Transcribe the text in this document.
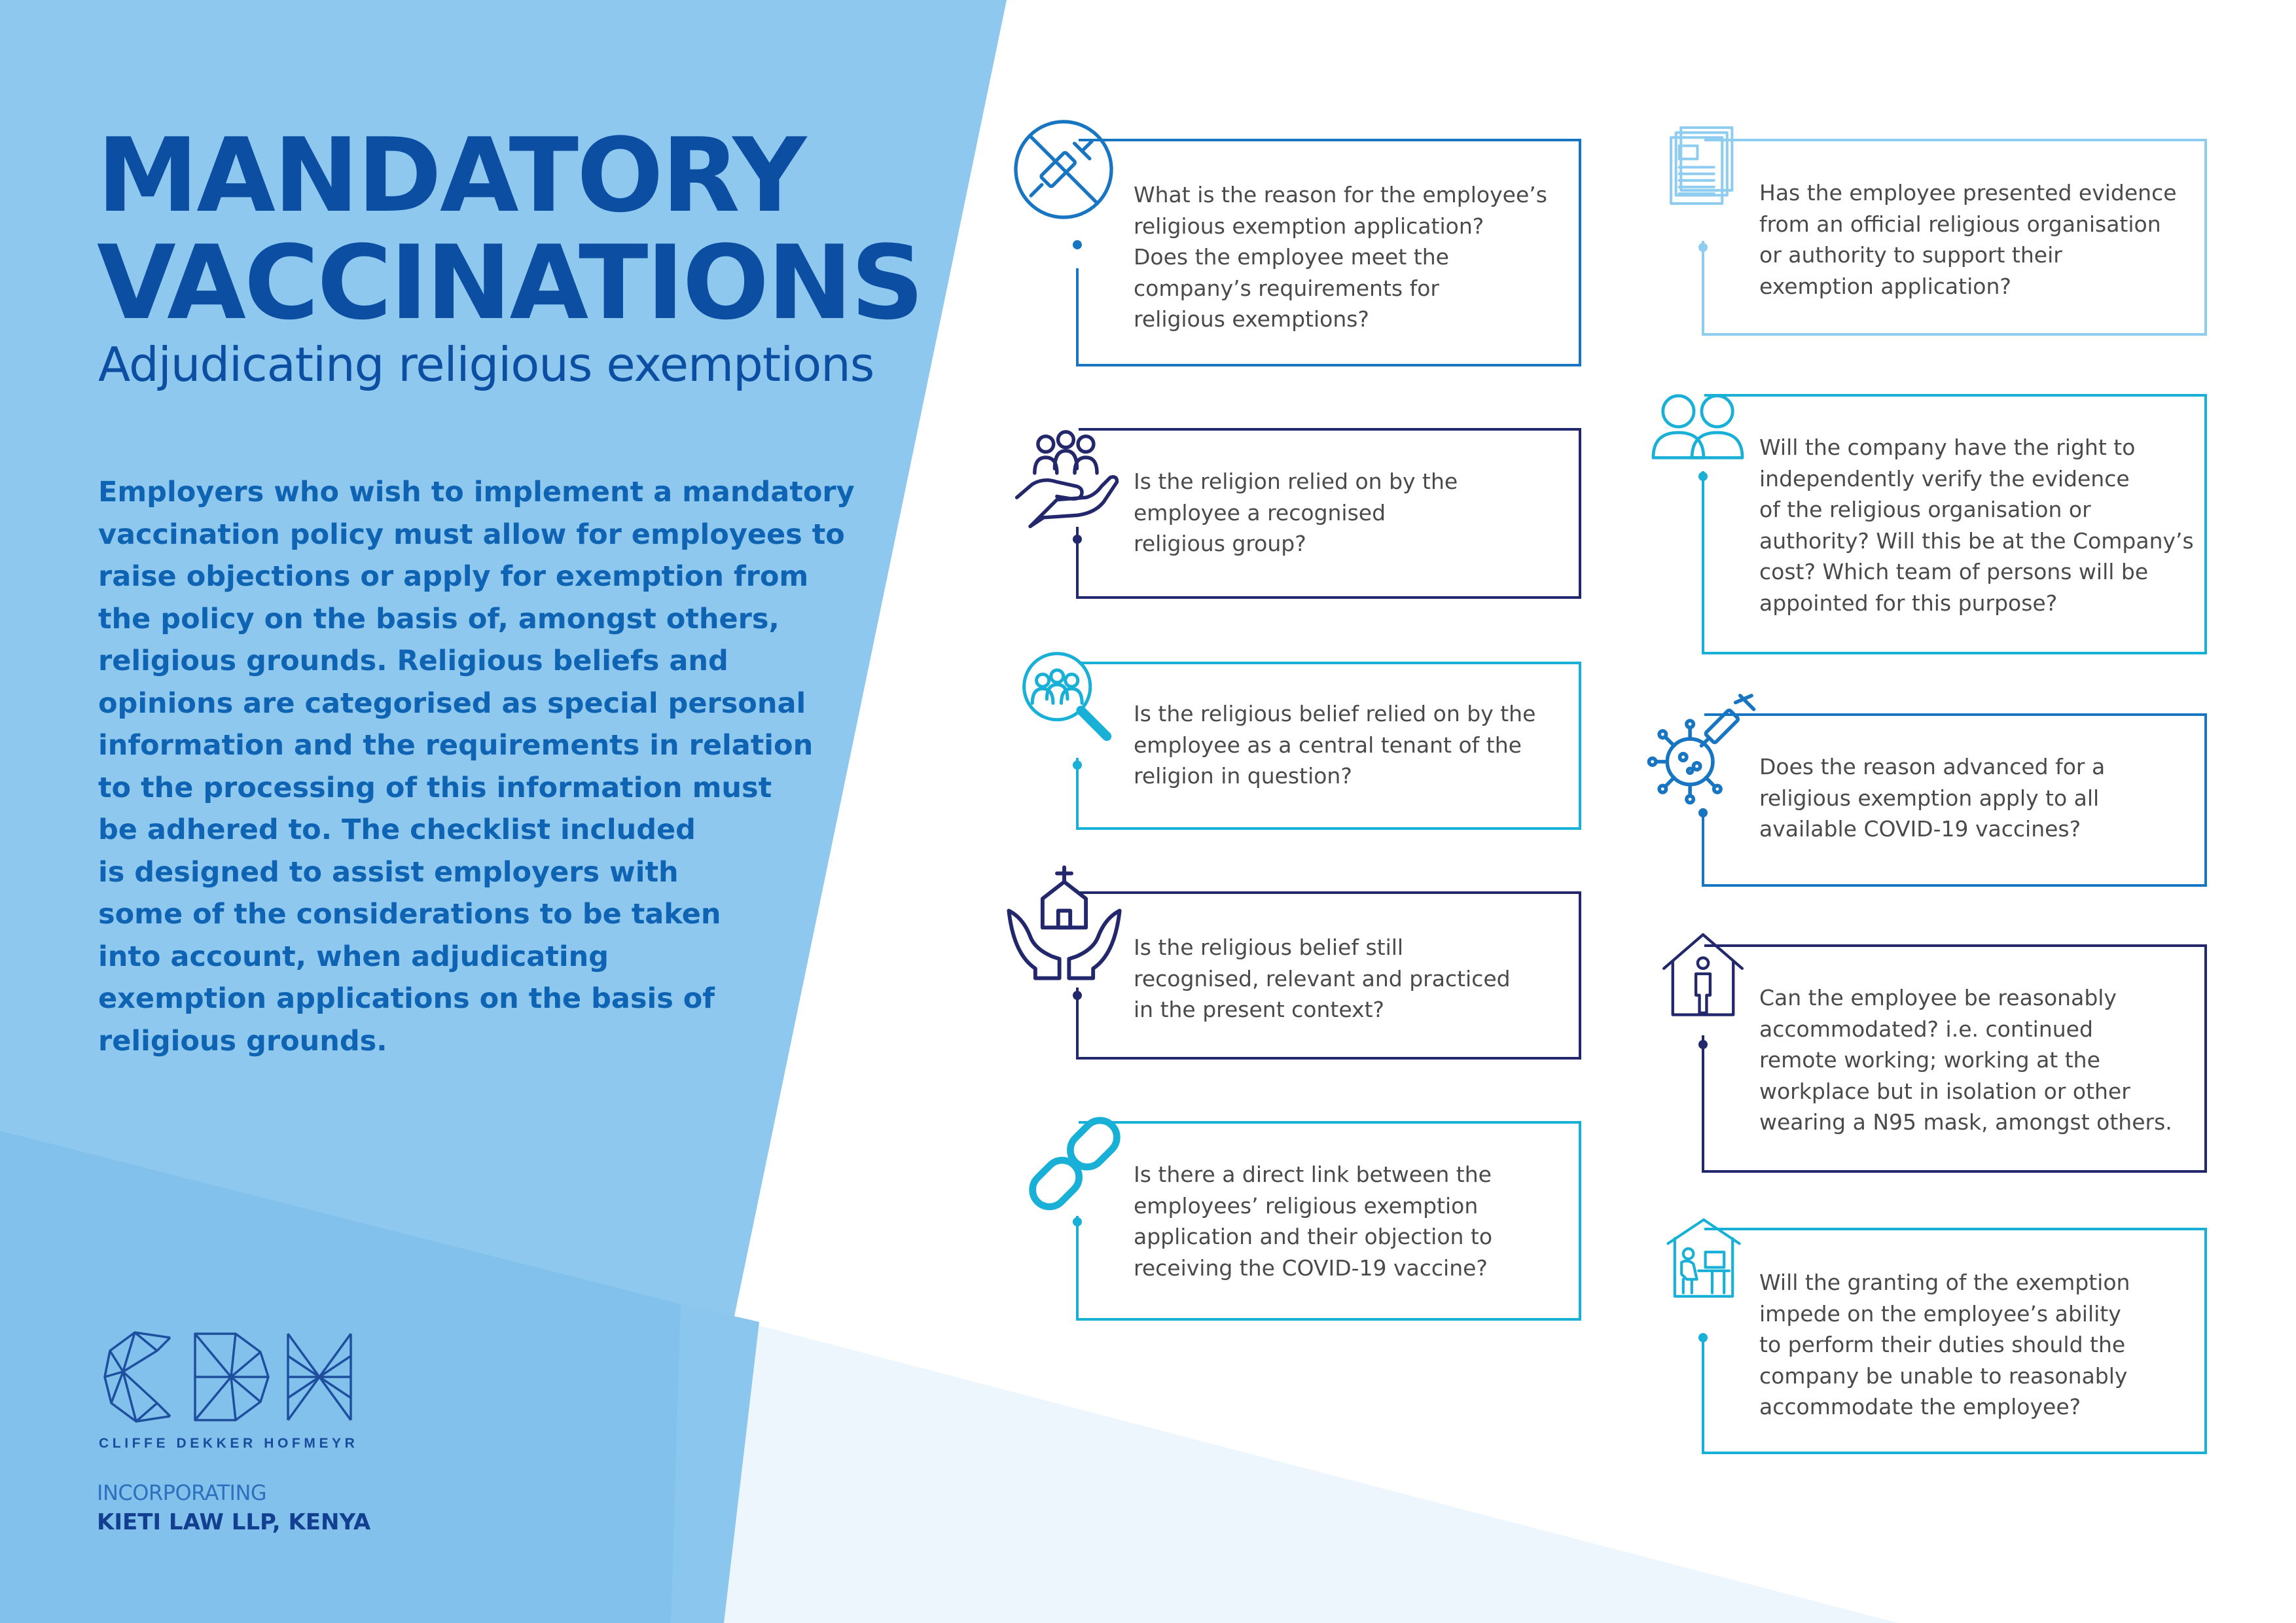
MANDATORY
VACCINATIONS
Adjudicating religious exemptions

Employers who wish to implement a mandatory
vaccination policy must allow for employees to
raise objections or apply for exemption from
the policy on the basis of, amongst others,
religious grounds. Religious beliefs and
opinions are categorised as special personal
information and the requirements in relation
to the processing of this information must
be adhered to. The checklist included
is designed to assist employers with
some of the considerations to be taken
into account, when adjudicating
exemption applications on the basis of
religious grounds.

CLIFFE DEKKER HOFMEYR
INCORPORATING
KIETI LAW LLP, KENYA

What is the reason for the employee’s
religious exemption application?
Does the employee meet the
company’s requirements for
religious exemptions?

Is the religion relied on by the
employee a recognised
religious group?

Is the religious belief relied on by the
employee as a central tenant of the
religion in question?

Is the religious belief still
recognised, relevant and practiced
in the present context?

Is there a direct link between the
employees’ religious exemption
application and their objection to
receiving the COVID-19 vaccine?

Has the employee presented evidence
from an official religious organisation
or authority to support their
exemption application?

Will the company have the right to
independently verify the evidence
of the religious organisation or
authority? Will this be at the Company’s
cost? Which team of persons will be
appointed for this purpose?

Does the reason advanced for a
religious exemption apply to all
available COVID-19 vaccines?

Can the employee be reasonably
accommodated? i.e. continued
remote working; working at the
workplace but in isolation or other
wearing a N95 mask, amongst others.

Will the granting of the exemption
impede on the employee’s ability
to perform their duties should the
company be unable to reasonably
accommodate the employee?
